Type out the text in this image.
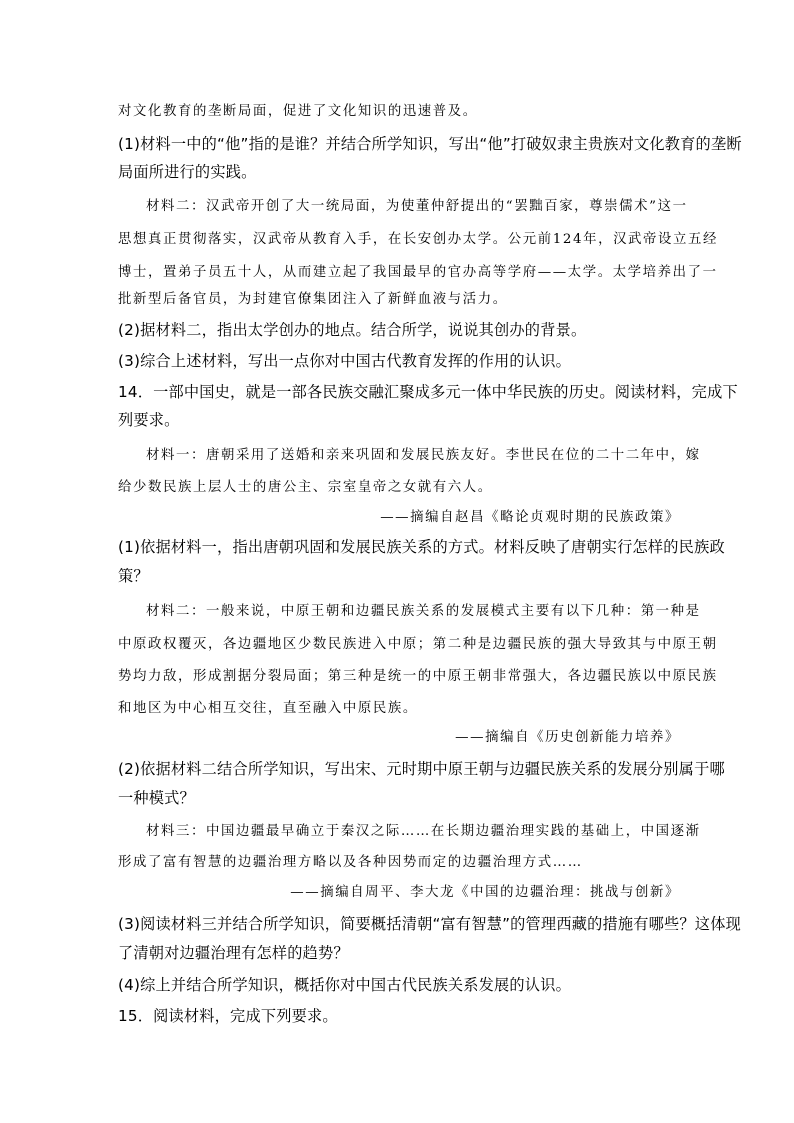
对文化教育的垄断局面，促进了文化知识的迅速普及。
(1)材料一中的“他”指的是谁？并结合所学知识，写出“他”打破奴隶主贵族对文化教育的垄断
局面所进行的实践。
材料二：汉武帝开创了大一统局面，为使董仲舒提出的“罢黜百家，尊崇儒术”这一
思想真正贯彻落实，汉武帝从教育入手，在长安创办太学。公元前124年，汉武帝设立五经
博士，置弟子员五十人，从而建立起了我国最早的官办高等学府——太学。太学培养出了一
批新型后备官员，为封建官僚集团注入了新鲜血液与活力。
(2)据材料二，指出太学创办的地点。结合所学，说说其创办的背景。
(3)综合上述材料，写出一点你对中国古代教育发挥的作用的认识。
14．一部中国史，就是一部各民族交融汇聚成多元一体中华民族的历史。阅读材料，完成下
列要求。
材料一：唐朝采用了送婚和亲来巩固和发展民族友好。李世民在位的二十二年中，嫁
给少数民族上层人士的唐公主、宗室皇帝之女就有六人。
——摘编自赵昌《略论贞观时期的民族政策》
(1)依据材料一，指出唐朝巩固和发展民族关系的方式。材料反映了唐朝实行怎样的民族政
策？
材料二：一般来说，中原王朝和边疆民族关系的发展模式主要有以下几种：第一种是
中原政权覆灭，各边疆地区少数民族进入中原；第二种是边疆民族的强大导致其与中原王朝
势均力敌，形成割据分裂局面；第三种是统一的中原王朝非常强大，各边疆民族以中原民族
和地区为中心相互交往，直至融入中原民族。
——摘编自《历史创新能力培养》
(2)依据材料二结合所学知识，写出宋、元时期中原王朝与边疆民族关系的发展分别属于哪
一种模式？
材料三：中国边疆最早确立于秦汉之际……在长期边疆治理实践的基础上，中国逐渐
形成了富有智慧的边疆治理方略以及各种因势而定的边疆治理方式……
——摘编自周平、李大龙《中国的边疆治理：挑战与创新》
(3)阅读材料三并结合所学知识，简要概括清朝“富有智慧”的管理西藏的措施有哪些？这体现
了清朝对边疆治理有怎样的趋势？
(4)综上并结合所学知识，概括你对中国古代民族关系发展的认识。
15．阅读材料，完成下列要求。
